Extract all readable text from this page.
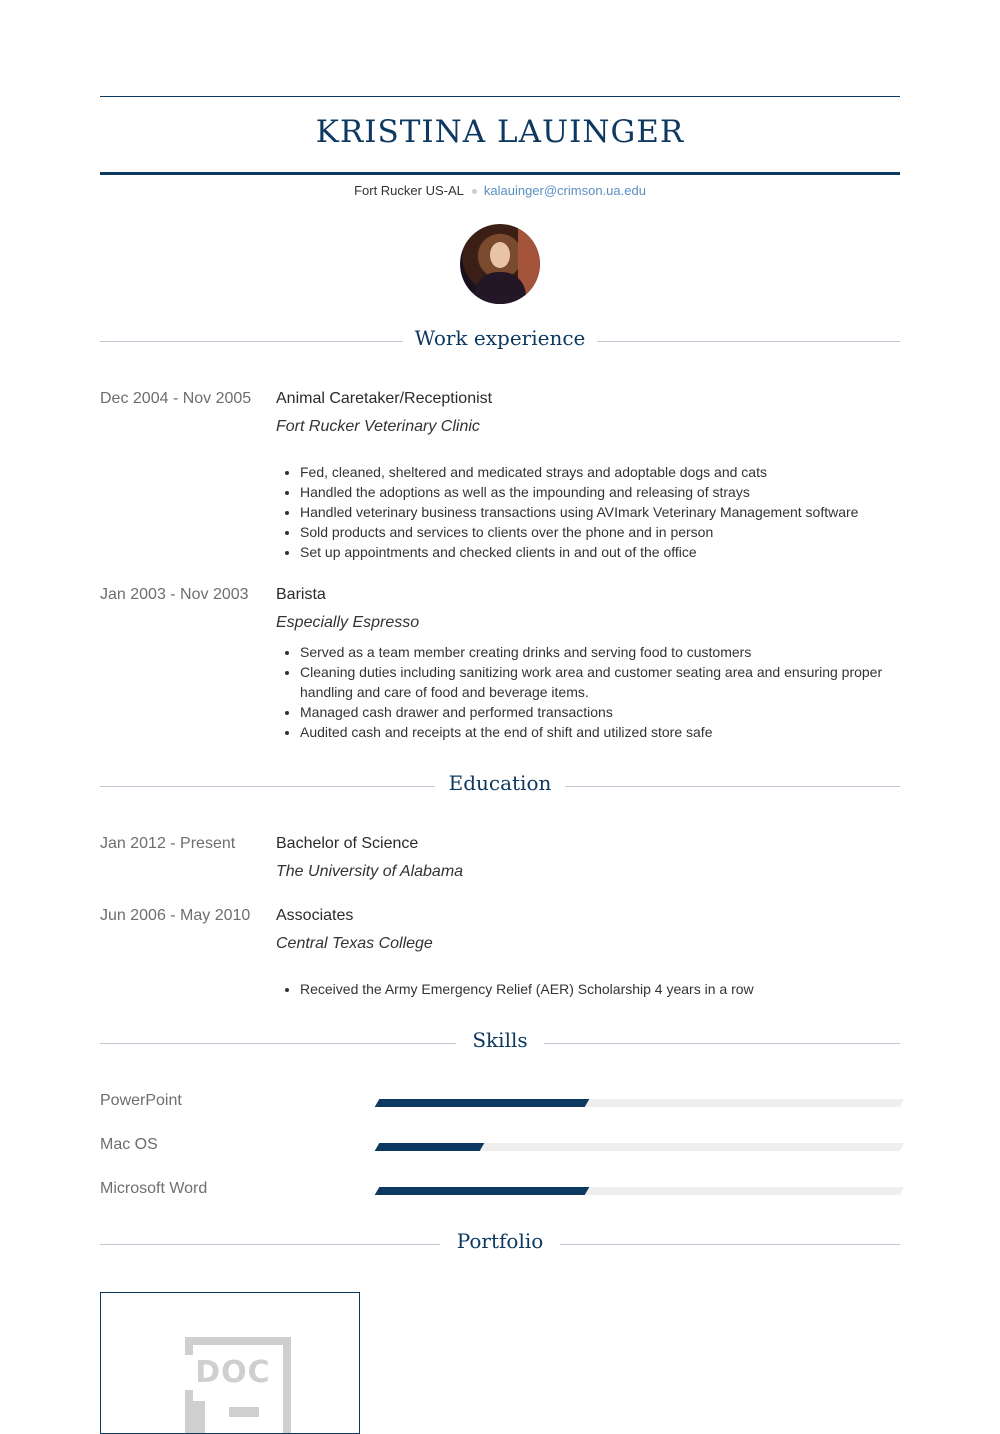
KRISTINA LAUINGER
Fort Rucker US-AL kalauinger@crimson.ua.edu
Work experience
Dec 2004 - Nov 2005 Animal Caretaker/Receptionist
Fort Rucker Veterinary Clinic
• Fed, cleaned, sheltered and medicated strays and adoptable dogs and cats
• Handled the adoptions as well as the impounding and releasing of strays
• Handled veterinary business transactions using AVImark Veterinary Management software
• Sold products and services to clients over the phone and in person
• Set up appointments and checked clients in and out of the office
Jan 2003 - Nov 2003 Barista
Especially Espresso
• Served as a team member creating drinks and serving food to customers
• Cleaning duties including sanitizing work area and customer seating area and ensuring proper handling and care of food and beverage items.
• Managed cash drawer and performed transactions
• Audited cash and receipts at the end of shift and utilized store safe
Education
Jan 2012 - Present	Bachelor of Science
The University of Alabama
Jun 2006 - May 2010 Associates
Central Texas College
• Received the Army Emergency Relief (AER) Scholarship 4 years in a row
Skills
PowerPoint
Mac OS
Microsoft Word
Portfolio
DOC
